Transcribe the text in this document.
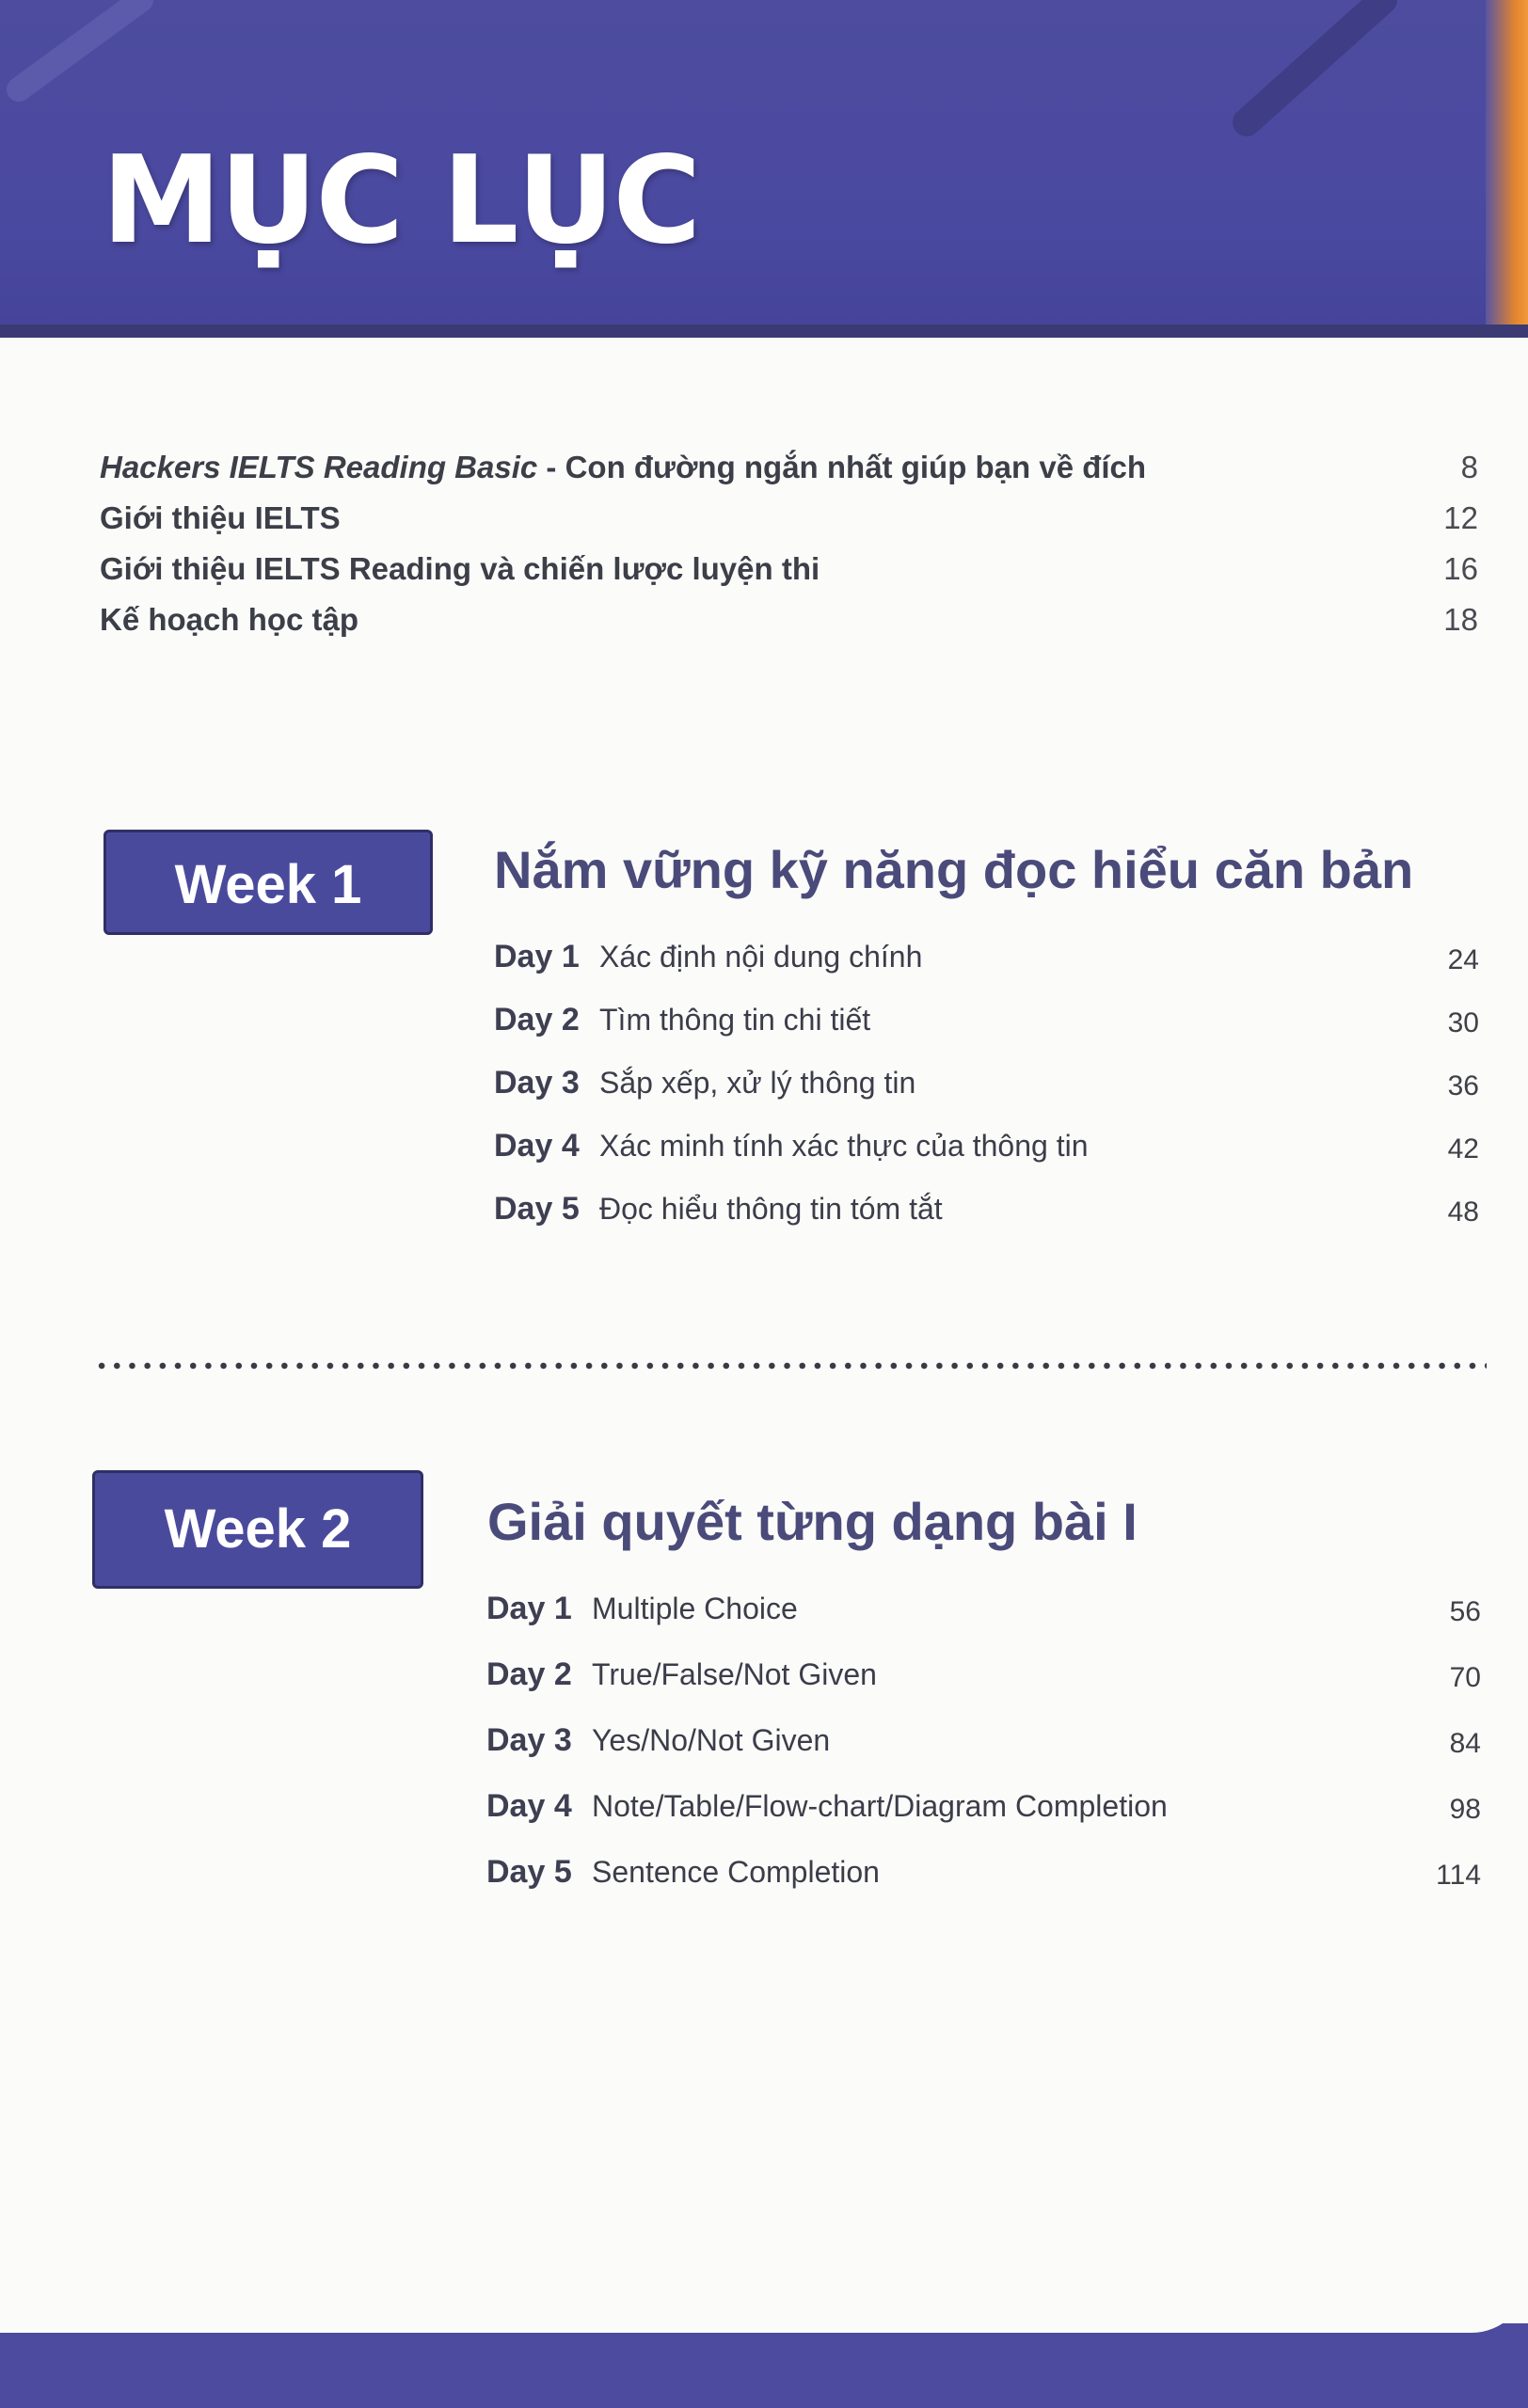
MỤC LỤC
Hackers IELTS Reading Basic - Con đường ngắn nhất giúp bạn về đích	8
Giới thiệu IELTS	12
Giới thiệu IELTS Reading và chiến lược luyện thi	16
Kế hoạch học tập	18
Week 1	Nắm vững kỹ năng đọc hiểu căn bản
Day 1 Xác định nội dung chính	24
Day 2 Tìm thông tin chi tiết	30
Day 3 Sắp xếp, xử lý thông tin	36
Day 4 Xác minh tính xác thực của thông tin	42
Day 5 Đọc hiểu thông tin tóm tắt	48
Week 2	Giải quyết từng dạng bài I
Day 1 Multiple Choice	56
Day 2 True/False/Not Given	70
Day 3 Yes/No/Not Given	84
Day 4 Note/Table/Flow-chart/Diagram Completion	98
Day 5 Sentence Completion	114
